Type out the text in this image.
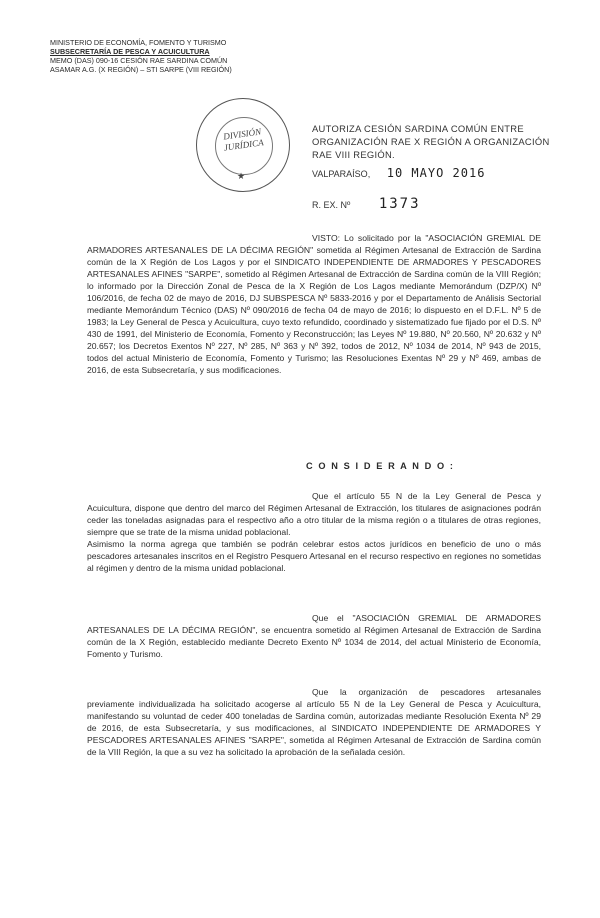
MINISTERIO DE ECONOMÍA, FOMENTO Y TURISMO
SUBSECRETARÍA DE PESCA Y ACUICULTURA
MEMO (DAS) 090-16 CESIÓN RAE SARDINA COMÚN
ASAMAR A.G. (X REGIÓN) – STI SARPE (VIII REGIÓN)
DIVISIÓN
JURÍDICA
★
AUTORIZA CESIÓN SARDINA COMÚN ENTRE ORGANIZACIÓN RAE X REGIÓN A ORGANIZACIÓN RAE VIII REGIÓN.
VALPARAÍSO, 10 MAYO 2016
R. EX. Nº 1373
VISTO: Lo solicitado por la "ASOCIACIÓN GREMIAL DE ARMADORES ARTESANALES DE LA DÉCIMA REGIÓN" sometida al Régimen Artesanal de Extracción de Sardina común de la X Región de Los Lagos y por el SINDICATO INDEPENDIENTE DE ARMADORES Y PESCADORES ARTESANALES AFINES "SARPE", sometido al Régimen Artesanal de Extracción de Sardina común de la VIII Región; lo informado por la Dirección Zonal de Pesca de la X Región de Los Lagos mediante Memorándum (DZP/X) Nº 106/2016, de fecha 02 de mayo de 2016, DJ SUBSPESCA Nº 5833-2016 y por el Departamento de Análisis Sectorial mediante Memorándum Técnico (DAS) Nº 090/2016 de fecha 04 de mayo de 2016; lo dispuesto en el D.F.L. Nº 5 de 1983; la Ley General de Pesca y Acuicultura, cuyo texto refundido, coordinado y sistematizado fue fijado por el D.S. Nº 430 de 1991, del Ministerio de Economía, Fomento y Reconstrucción; las Leyes Nº 19.880, Nº 20.560, Nº 20.632 y Nº 20.657; los Decretos Exentos Nº 227, Nº 285, Nº 363 y Nº 392, todos de 2012, Nº 1034 de 2014, Nº 943 de 2015, todos del actual Ministerio de Economía, Fomento y Turismo; las Resoluciones Exentas Nº 29 y Nº 469, ambas de 2016, de esta Subsecretaría, y sus modificaciones.
C O N S I D E R A N D O :
Que el artículo 55 N de la Ley General de Pesca y Acuicultura, dispone que dentro del marco del Régimen Artesanal de Extracción, los titulares de asignaciones podrán ceder las toneladas asignadas para el respectivo año a otro titular de la misma región o a titulares de otras regiones, siempre que se trate de la misma unidad poblacional.
Asimismo la norma agrega que también se podrán celebrar estos actos jurídicos en beneficio de uno o más pescadores artesanales inscritos en el Registro Pesquero Artesanal en el recurso respectivo en regiones no sometidas al régimen y dentro de la misma unidad poblacional.
Que el "ASOCIACIÓN GREMIAL DE ARMADORES ARTESANALES DE LA DÉCIMA REGIÓN", se encuentra sometido al Régimen Artesanal de Extracción de Sardina común de la X Región, establecido mediante Decreto Exento Nº 1034 de 2014, del actual Ministerio de Economía, Fomento y Turismo.
Que la organización de pescadores artesanales previamente individualizada ha solicitado acogerse al artículo 55 N de la Ley General de Pesca y Acuicultura, manifestando su voluntad de ceder 400 toneladas de Sardina común, autorizadas mediante Resolución Exenta Nº 29 de 2016, de esta Subsecretaría, y sus modificaciones, al SINDICATO INDEPENDIENTE DE ARMADORES Y PESCADORES ARTESANALES AFINES "SARPE", sometida al Régimen Artesanal de Extracción de Sardina común de la VIII Región, la que a su vez ha solicitado la aprobación de la señalada cesión.
